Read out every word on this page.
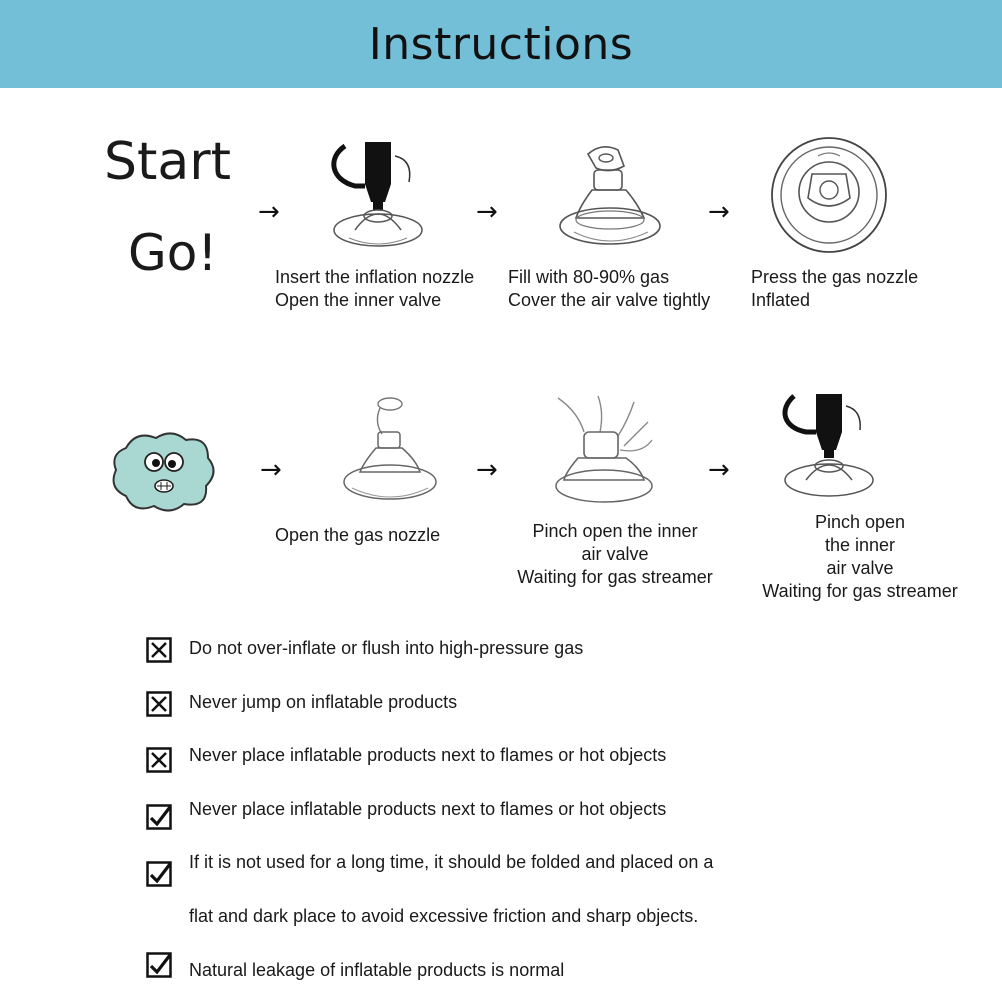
Instructions
Start
Go!
→	→	→
Insert the inflation nozzle
Open the inner valve
Fill with 80-90% gas
Cover the air valve tightly
Press the gas nozzle
Inflated
→	→	→
Open the gas nozzle	Pinch open the inner
air valve
Waiting for gas streamer
Pinch open
the inner
air valve
Waiting for gas streamer
Do not over-inflate or flush into high-pressure gas
Never jump on inflatable products
Never place inflatable products next to flames or hot objects
Never place inflatable products next to flames or hot objects
If it is not used for a long time, it should be folded and placed on a
flat and dark place to avoid excessive friction and sharp objects.
Natural leakage of inflatable products is normal
